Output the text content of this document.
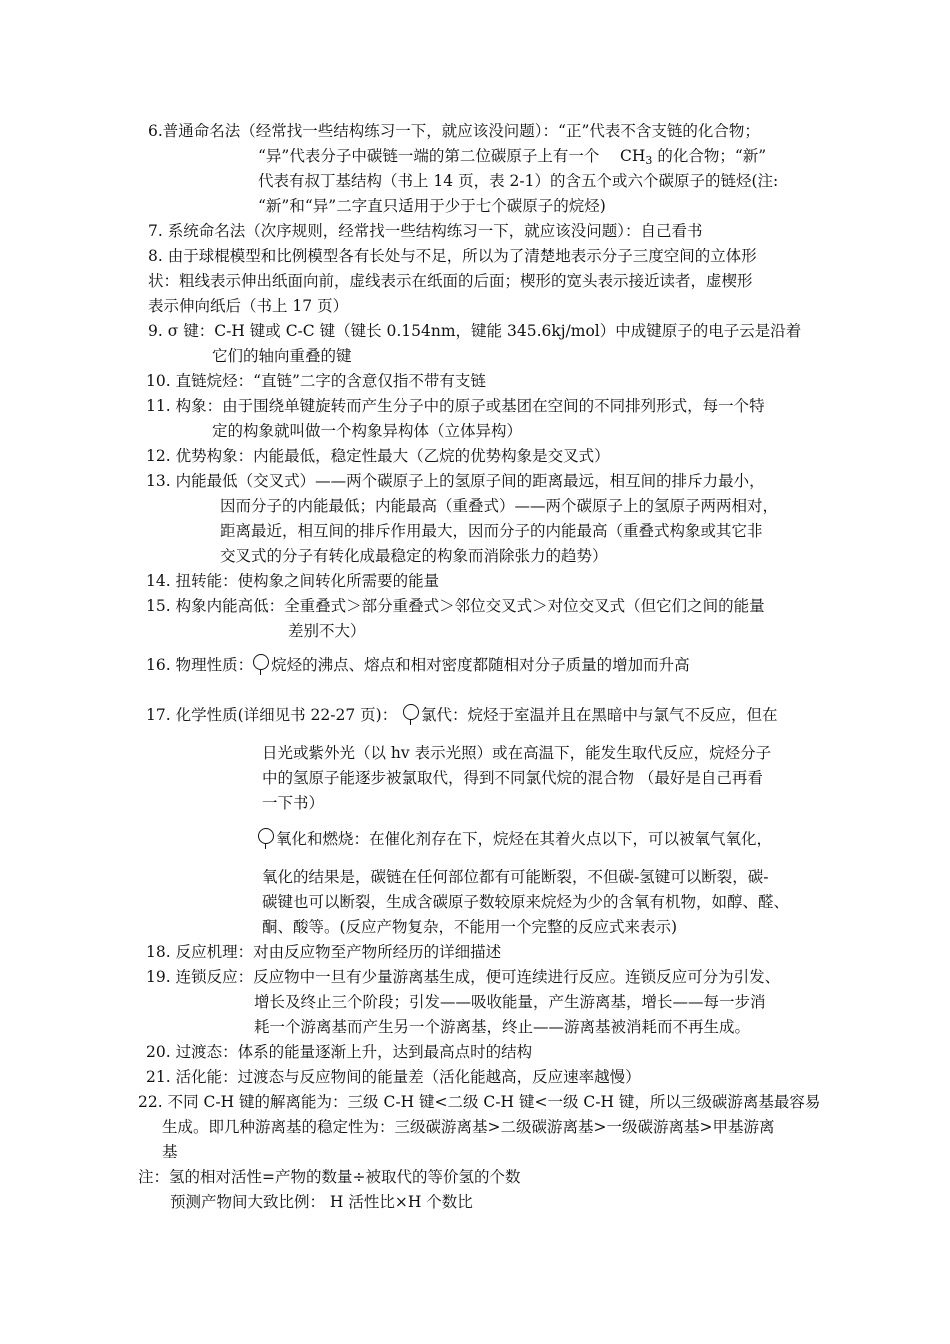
6.普通命名法（经常找一些结构练习一下，就应该没问题）：“正”代表不含支链的化合物；
“异”代表分子中碳链一端的第二位碳原子上有一个
代表有叔丁基结构（书上 14 页，表 2-1）的含五个或六个碳原子的链烃(注:
“新”和“异”二字直只适用于少于七个碳原子的烷烃)
7. 系统命名法（次序规则，经常找一些结构练习一下，就应该没问题）：自己看书
8. 由于球棍模型和比例模型各有长处与不足，所以为了清楚地表示分子三度空间的立体形
状：粗线表示伸出纸面向前，虚线表示在纸面的后面；楔形的宽头表示接近读者，虚楔形
表示伸向纸后（书上 17 页）
9. σ 键：C-H 键或 C-C 键（键长 0.154nm，键能 345.6kj/mol）中成键原子的电子云是沿着
它们的轴向重叠的键
10. 直链烷烃：“直链”二字的含意仅指不带有支链
11. 构象：由于围绕单键旋转而产生分子中的原子或基团在空间的不同排列形式，每一个特
定的构象就叫做一个构象异构体（立体异构）
12. 优势构象：内能最低，稳定性最大（乙烷的优势构象是交叉式）
13. 内能最低（交叉式）——两个碳原子上的氢原子间的距离最远，相互间的排斥力最小，
因而分子的内能最低；内能最高（重叠式）——两个碳原子上的氢原子两两相对，
距离最近，相互间的排斥作用最大，因而分子的内能最高（重叠式构象或其它非
交叉式的分子有转化成最稳定的构象而消除张力的趋势）
14. 扭转能：使构象之间转化所需要的能量
15. 构象内能高低：全重叠式＞部分重叠式＞邻位交叉式＞对位交叉式（但它们之间的能量
差别不大）
17. 化学性质(详细见书 22-27 页)：
日光或紫外光（以 hv 表示光照）或在高温下，能发生取代反应，烷烃分子
中的氢原子能逐步被氯取代，得到不同氯代烷的混合物 （最好是自己再看
一下书）
氧化的结果是，碳链在任何部位都有可能断裂，不但碳-氢键可以断裂，碳-
碳键也可以断裂，生成含碳原子数较原来烷烃为少的含氧有机物，如醇、醛、
酮、酸等。(反应产物复杂，不能用一个完整的反应式来表示)
18. 反应机理：对由反应物至产物所经历的详细描述
19. 连锁反应：反应物中一旦有少量游离基生成，便可连续进行反应。连锁反应可分为引发、
增长及终止三个阶段；引发——吸收能量，产生游离基，增长——每一步消
耗一个游离基而产生另一个游离基，终止——游离基被消耗而不再生成。
20. 过渡态：体系的能量逐渐上升，达到最高点时的结构
21. 活化能：过渡态与反应物间的能量差（活化能越高，反应速率越慢）
22. 不同 C-H 键的解离能为：三级 C-H 键<二级 C-H 键<一级 C-H 键，所以三级碳游离基最容易
生成。即几种游离基的稳定性为：三级碳游离基>二级碳游离基>一级碳游离基>甲基游离
基
注：氢的相对活性=产物的数量÷被取代的等价氢的个数
预测产物间大致比例： H 活性比×H 个数比
16. 物理性质： 烷烃的沸点、熔点和相对密度都随相对分子质量的增加而升高
氯代：烷烃于室温并且在黑暗中与氯气不反应，但在
氧化和燃烧：在催化剂存在下，烷烃在其着火点以下，可以被氧气氧化，
$CH_3$ 的化合物；“新”
